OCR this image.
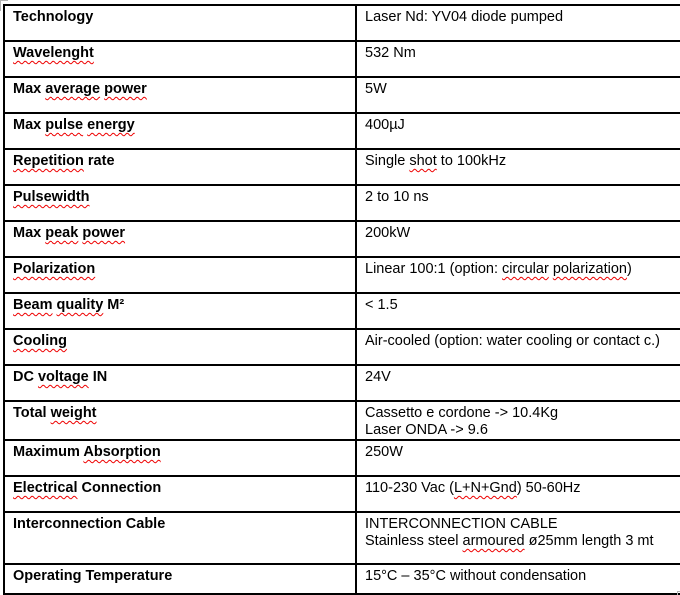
Technology	Laser Nd: YV04 diode pumped

Wavelenght	532 Nm

Max average power	5W

Max pulse energy	400µJ

Repetition rate	Single shot to 100kHz

Pulsewidth	2 to 10 ns

Max peak power	200kW

Polarization	Linear 100:1 (option: circular polarization)

Beam quality M²	< 1.5

Cooling	Air-cooled (option: water cooling or contact c.)

DC voltage IN	24V

Total weight	Cassetto e cordone -> 10.4Kg
Laser ONDA -> 9.6

Maximum Absorption	250W

Electrical Connection	110-230 Vac (L+N+Gnd) 50-60Hz

Interconnection Cable	INTERCONNECTION CABLE
Stainless steel armoured ø25mm length 3 mt

Operating Temperature	15°C – 35°C without condensation
